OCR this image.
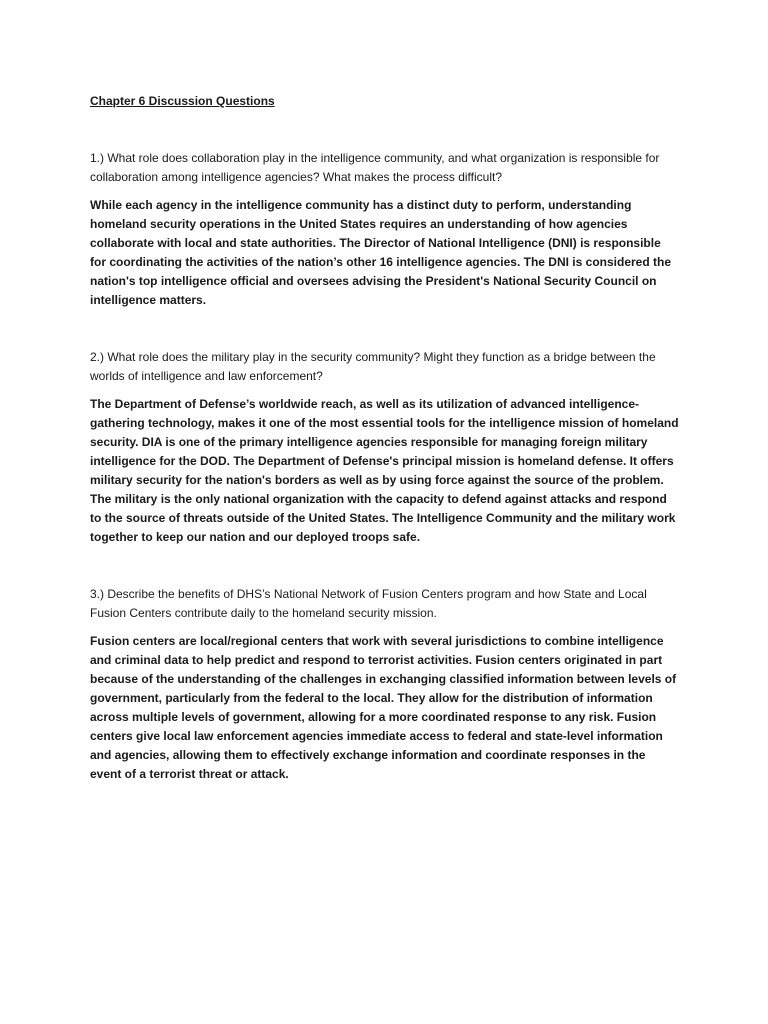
Chapter 6 Discussion Questions

1.) What role does collaboration play in the intelligence community, and what organization is responsible for collaboration among intelligence agencies? What makes the process difficult?

While each agency in the intelligence community has a distinct duty to perform, understanding homeland security operations in the United States requires an understanding of how agencies collaborate with local and state authorities. The Director of National Intelligence (DNI) is responsible for coordinating the activities of the nation’s other 16 intelligence agencies. The DNI is considered the nation's top intelligence official and oversees advising the President's National Security Council on intelligence matters.

2.) What role does the military play in the security community? Might they function as a bridge between the worlds of intelligence and law enforcement?

The Department of Defense’s worldwide reach, as well as its utilization of advanced intelligence-gathering technology, makes it one of the most essential tools for the intelligence mission of homeland security. DIA is one of the primary intelligence agencies responsible for managing foreign military intelligence for the DOD. The Department of Defense's principal mission is homeland defense. It offers military security for the nation's borders as well as by using force against the source of the problem. The military is the only national organization with the capacity to defend against attacks and respond to the source of threats outside of the United States. The Intelligence Community and the military work together to keep our nation and our deployed troops safe.

3.) Describe the benefits of DHS’s National Network of Fusion Centers program and how State and Local Fusion Centers contribute daily to the homeland security mission.

Fusion centers are local/regional centers that work with several jurisdictions to combine intelligence and criminal data to help predict and respond to terrorist activities. Fusion centers originated in part because of the understanding of the challenges in exchanging classified information between levels of government, particularly from the federal to the local. They allow for the distribution of information across multiple levels of government, allowing for a more coordinated response to any risk. Fusion centers give local law enforcement agencies immediate access to federal and state-level information and agencies, allowing them to effectively exchange information and coordinate responses in the event of a terrorist threat or attack.
